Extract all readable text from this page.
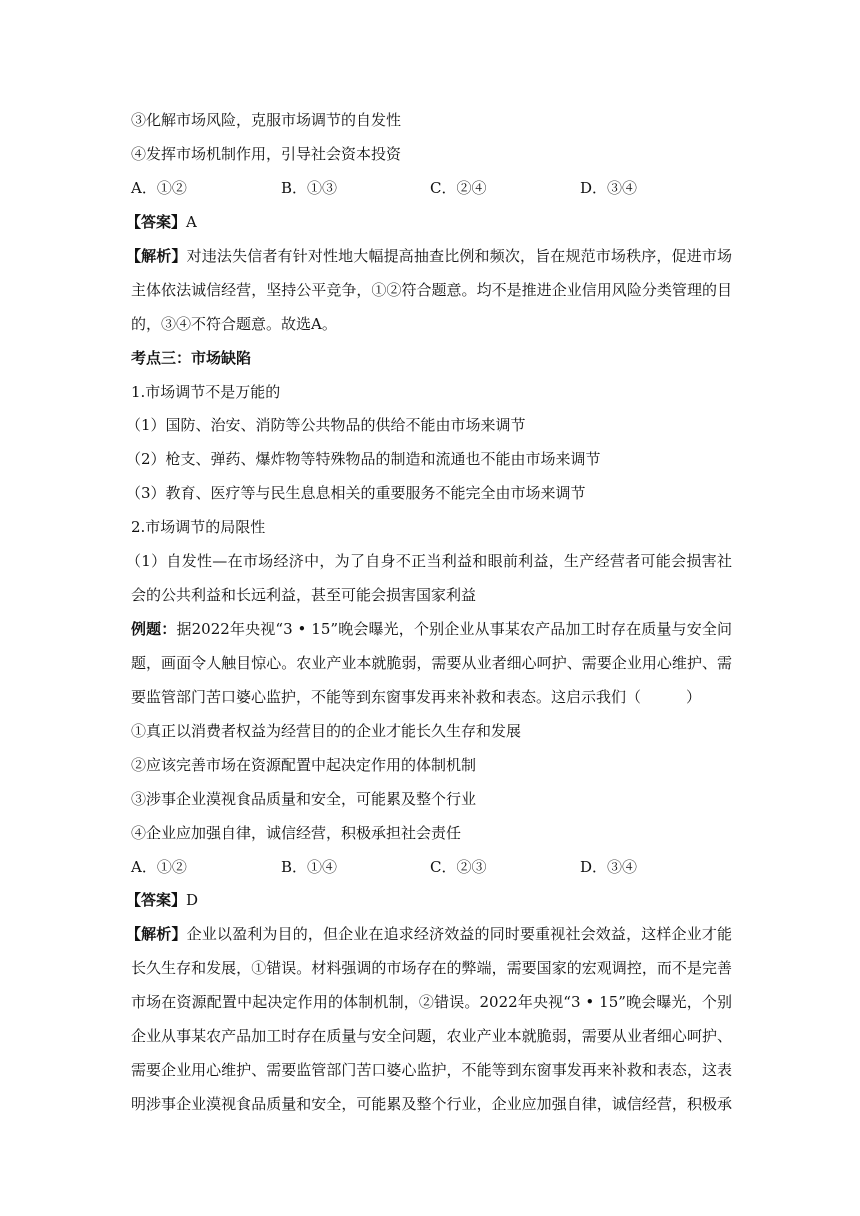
③化解市场风险，克服市场调节的自发性
④发挥市场机制作用，引导社会资本投资
A．①②	B．①③	C．②④	D．③④
【答案】A
【解析】对违法失信者有针对性地大幅提高抽查比例和频次，旨在规范市场秩序，促进市场
主体依法诚信经营，坚持公平竞争，①②符合题意。均不是推进企业信用风险分类管理的目
的，③④不符合题意。故选A。
考点三：市场缺陷
1.市场调节不是万能的
（1）国防、治安、消防等公共物品的供给不能由市场来调节
（2）枪支、弹药、爆炸物等特殊物品的制造和流通也不能由市场来调节
（3）教育、医疗等与民生息息相关的重要服务不能完全由市场来调节
2.市场调节的局限性
（1）自发性—在市场经济中，为了自身不正当利益和眼前利益，生产经营者可能会损害社
会的公共利益和长远利益，甚至可能会损害国家利益
例题：据2022年央视“3 • 15”晚会曝光，个别企业从事某农产品加工时存在质量与安全问
题，画面令人触目惊心。农业产业本就脆弱，需要从业者细心呵护、需要企业用心维护、需
要监管部门苦口婆心监护，不能等到东窗事发再来补救和表态。这启示我们（　　　）
①真正以消费者权益为经营目的的企业才能长久生存和发展
②应该完善市场在资源配置中起决定作用的体制机制
③涉事企业漠视食品质量和安全，可能累及整个行业
④企业应加强自律，诚信经营，积极承担社会责任
A．①②	B．①④	C．②③	D．③④
【答案】D
【解析】企业以盈利为目的，但企业在追求经济效益的同时要重视社会效益，这样企业才能
长久生存和发展，①错误。材料强调的市场存在的弊端，需要国家的宏观调控，而不是完善
市场在资源配置中起决定作用的体制机制，②错误。2022年央视“3 • 15”晚会曝光，个别
企业从事某农产品加工时存在质量与安全问题，农业产业本就脆弱，需要从业者细心呵护、
需要企业用心维护、需要监管部门苦口婆心监护，不能等到东窗事发再来补救和表态，这表
明涉事企业漠视食品质量和安全，可能累及整个行业，企业应加强自律，诚信经营，积极承
